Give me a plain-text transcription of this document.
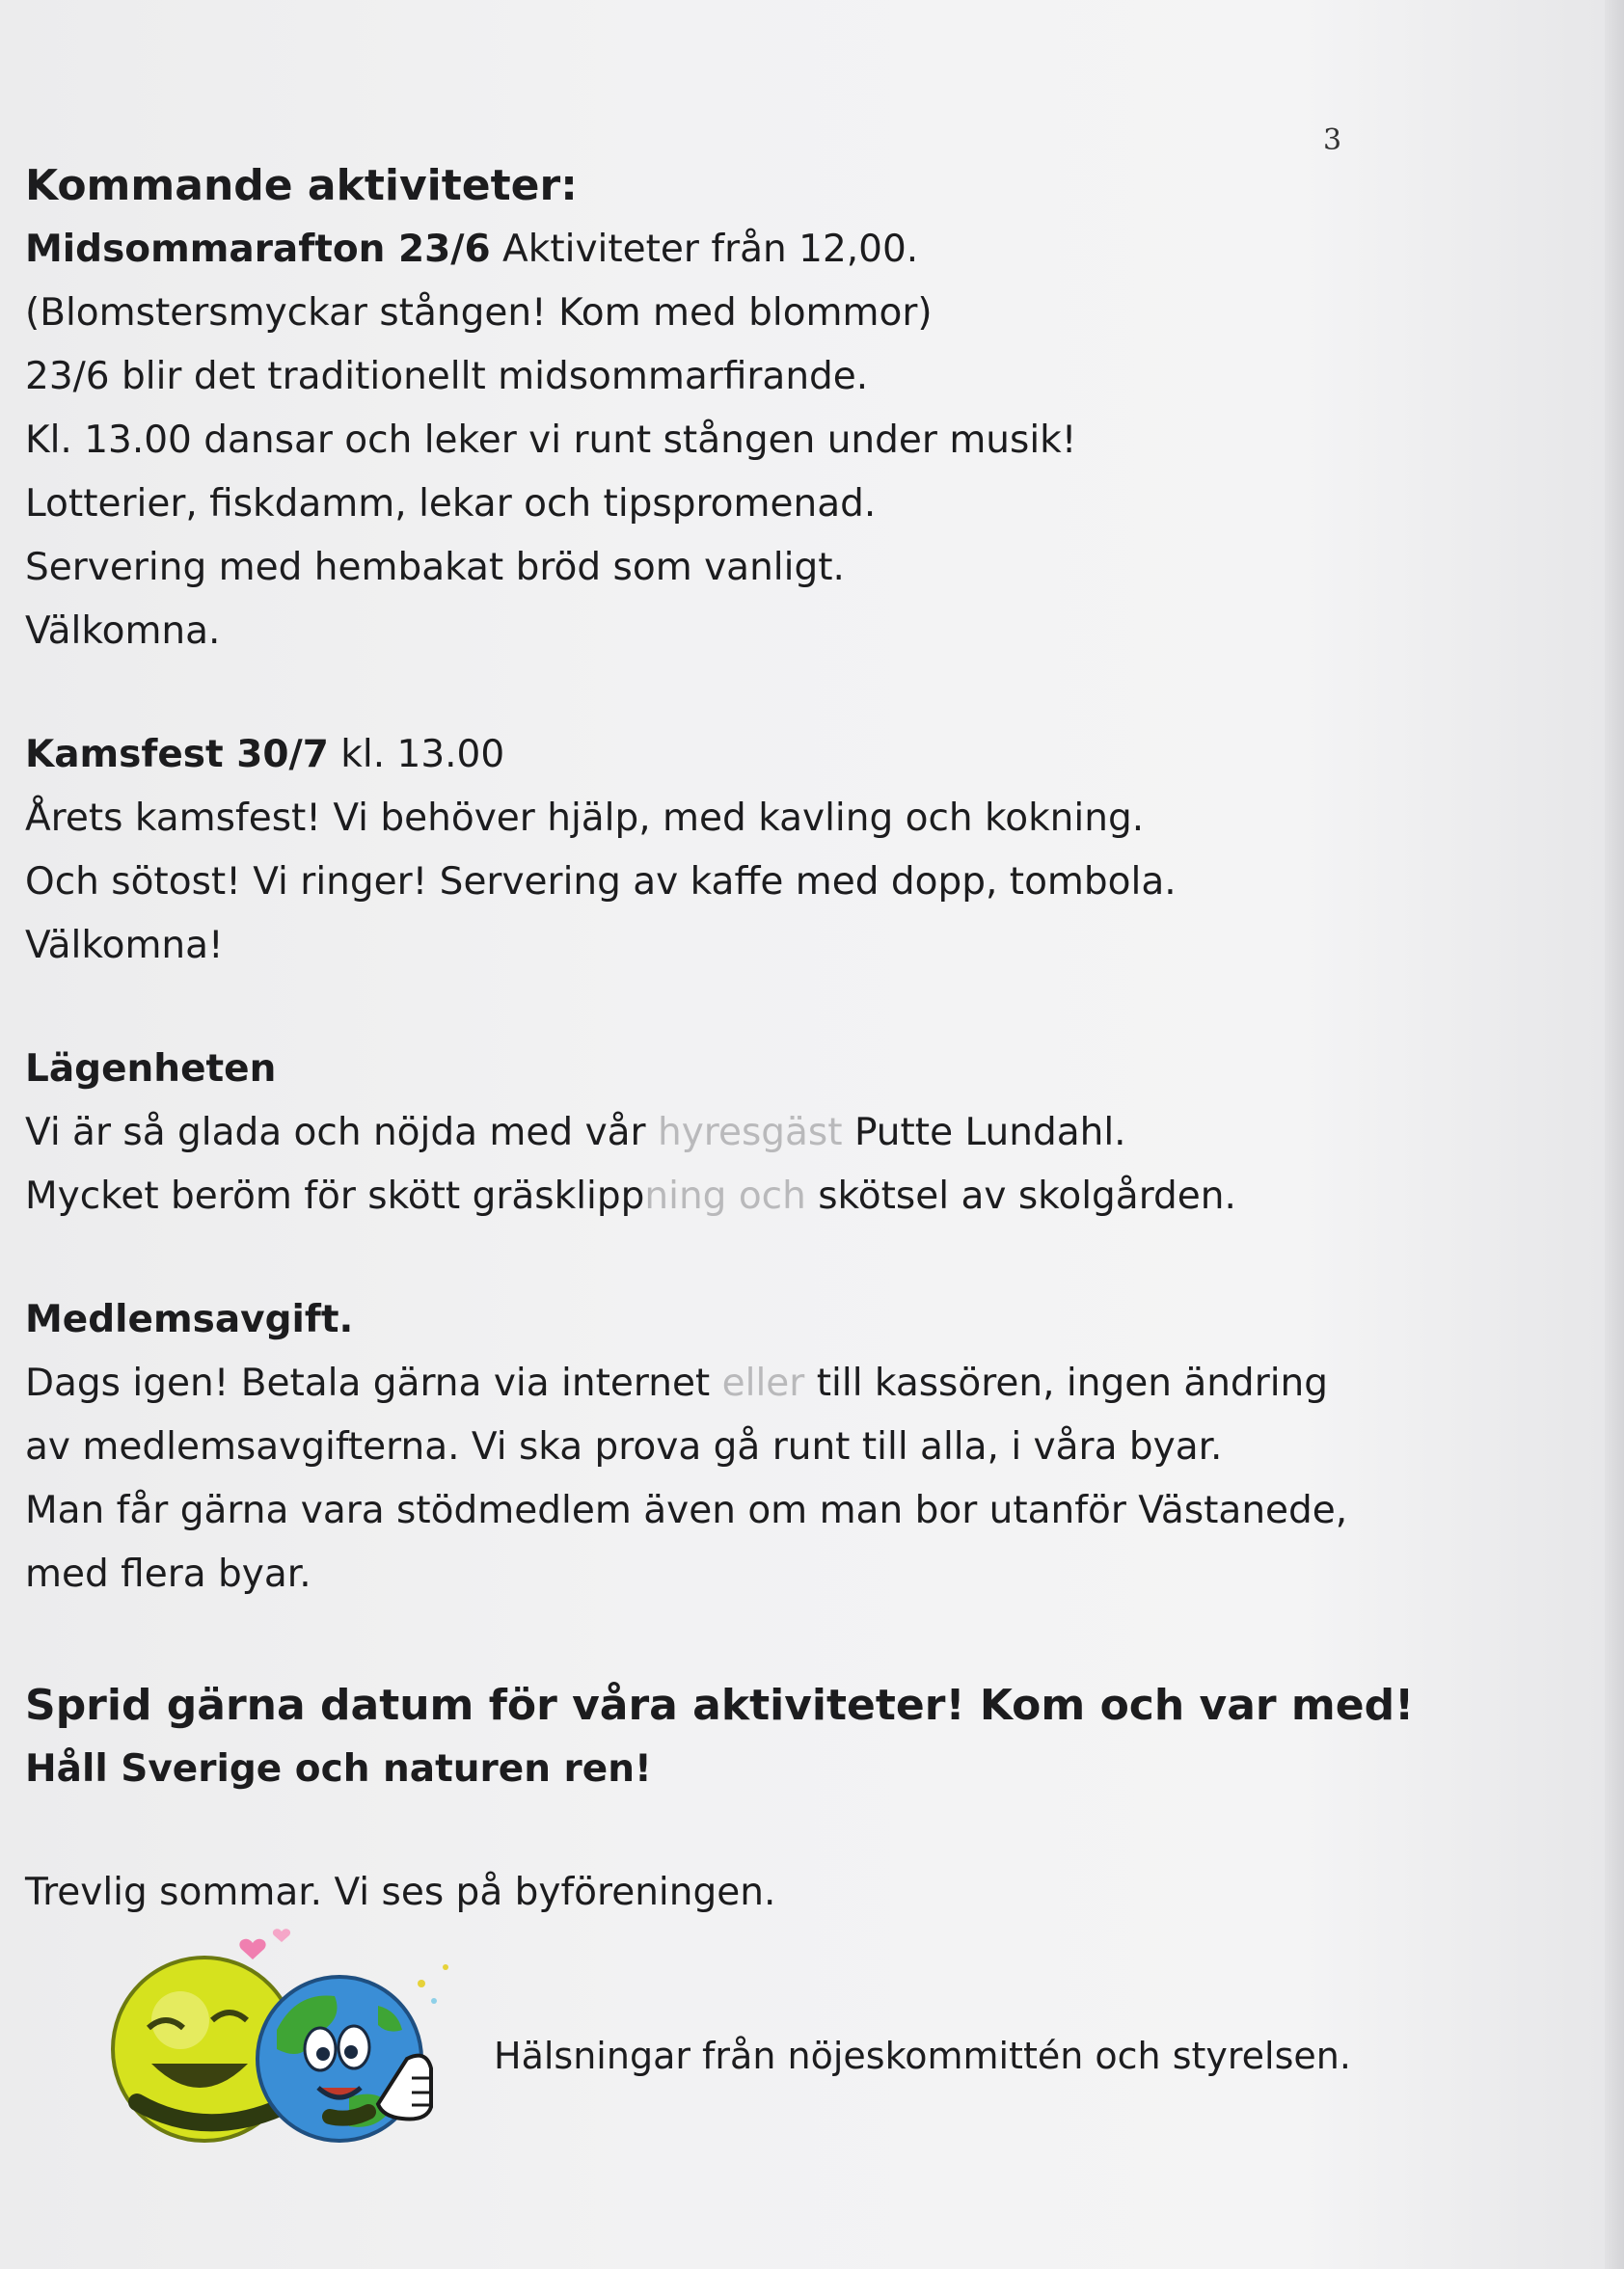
3
Kommande aktiviteter:
Midsommarafton 23/6 Aktiviteter från 12,00.
(Blomstersmyckar stången! Kom med blommor)
23/6 blir det traditionellt midsommarfirande.
Kl. 13.00 dansar och leker vi runt stången under musik!
Lotterier, fiskdamm, lekar och tipspromenad.
Servering med hembakat bröd som vanligt.
Välkomna.
Kamsfest 30/7 kl. 13.00
Årets kamsfest! Vi behöver hjälp, med kavling och kokning.
Och sötost! Vi ringer! Servering av kaffe med dopp, tombola.
Välkomna!
Lägenheten
Vi är så glada och nöjda med vår hyresgäst Putte Lundahl.
Mycket beröm för skött gräsklippning och skötsel av skolgården.
Medlemsavgift.
Dags igen! Betala gärna via internet eller till kassören, ingen ändring
av medlemsavgifterna. Vi ska prova gå runt till alla, i våra byar.
Man får gärna vara stödmedlem även om man bor utanför Västanede,
med flera byar.
Sprid gärna datum för våra aktiviteter! Kom och var med!
Håll Sverige och naturen ren!
Trevlig sommar. Vi ses på byföreningen.
Hälsningar från nöjeskommittén och styrelsen.
